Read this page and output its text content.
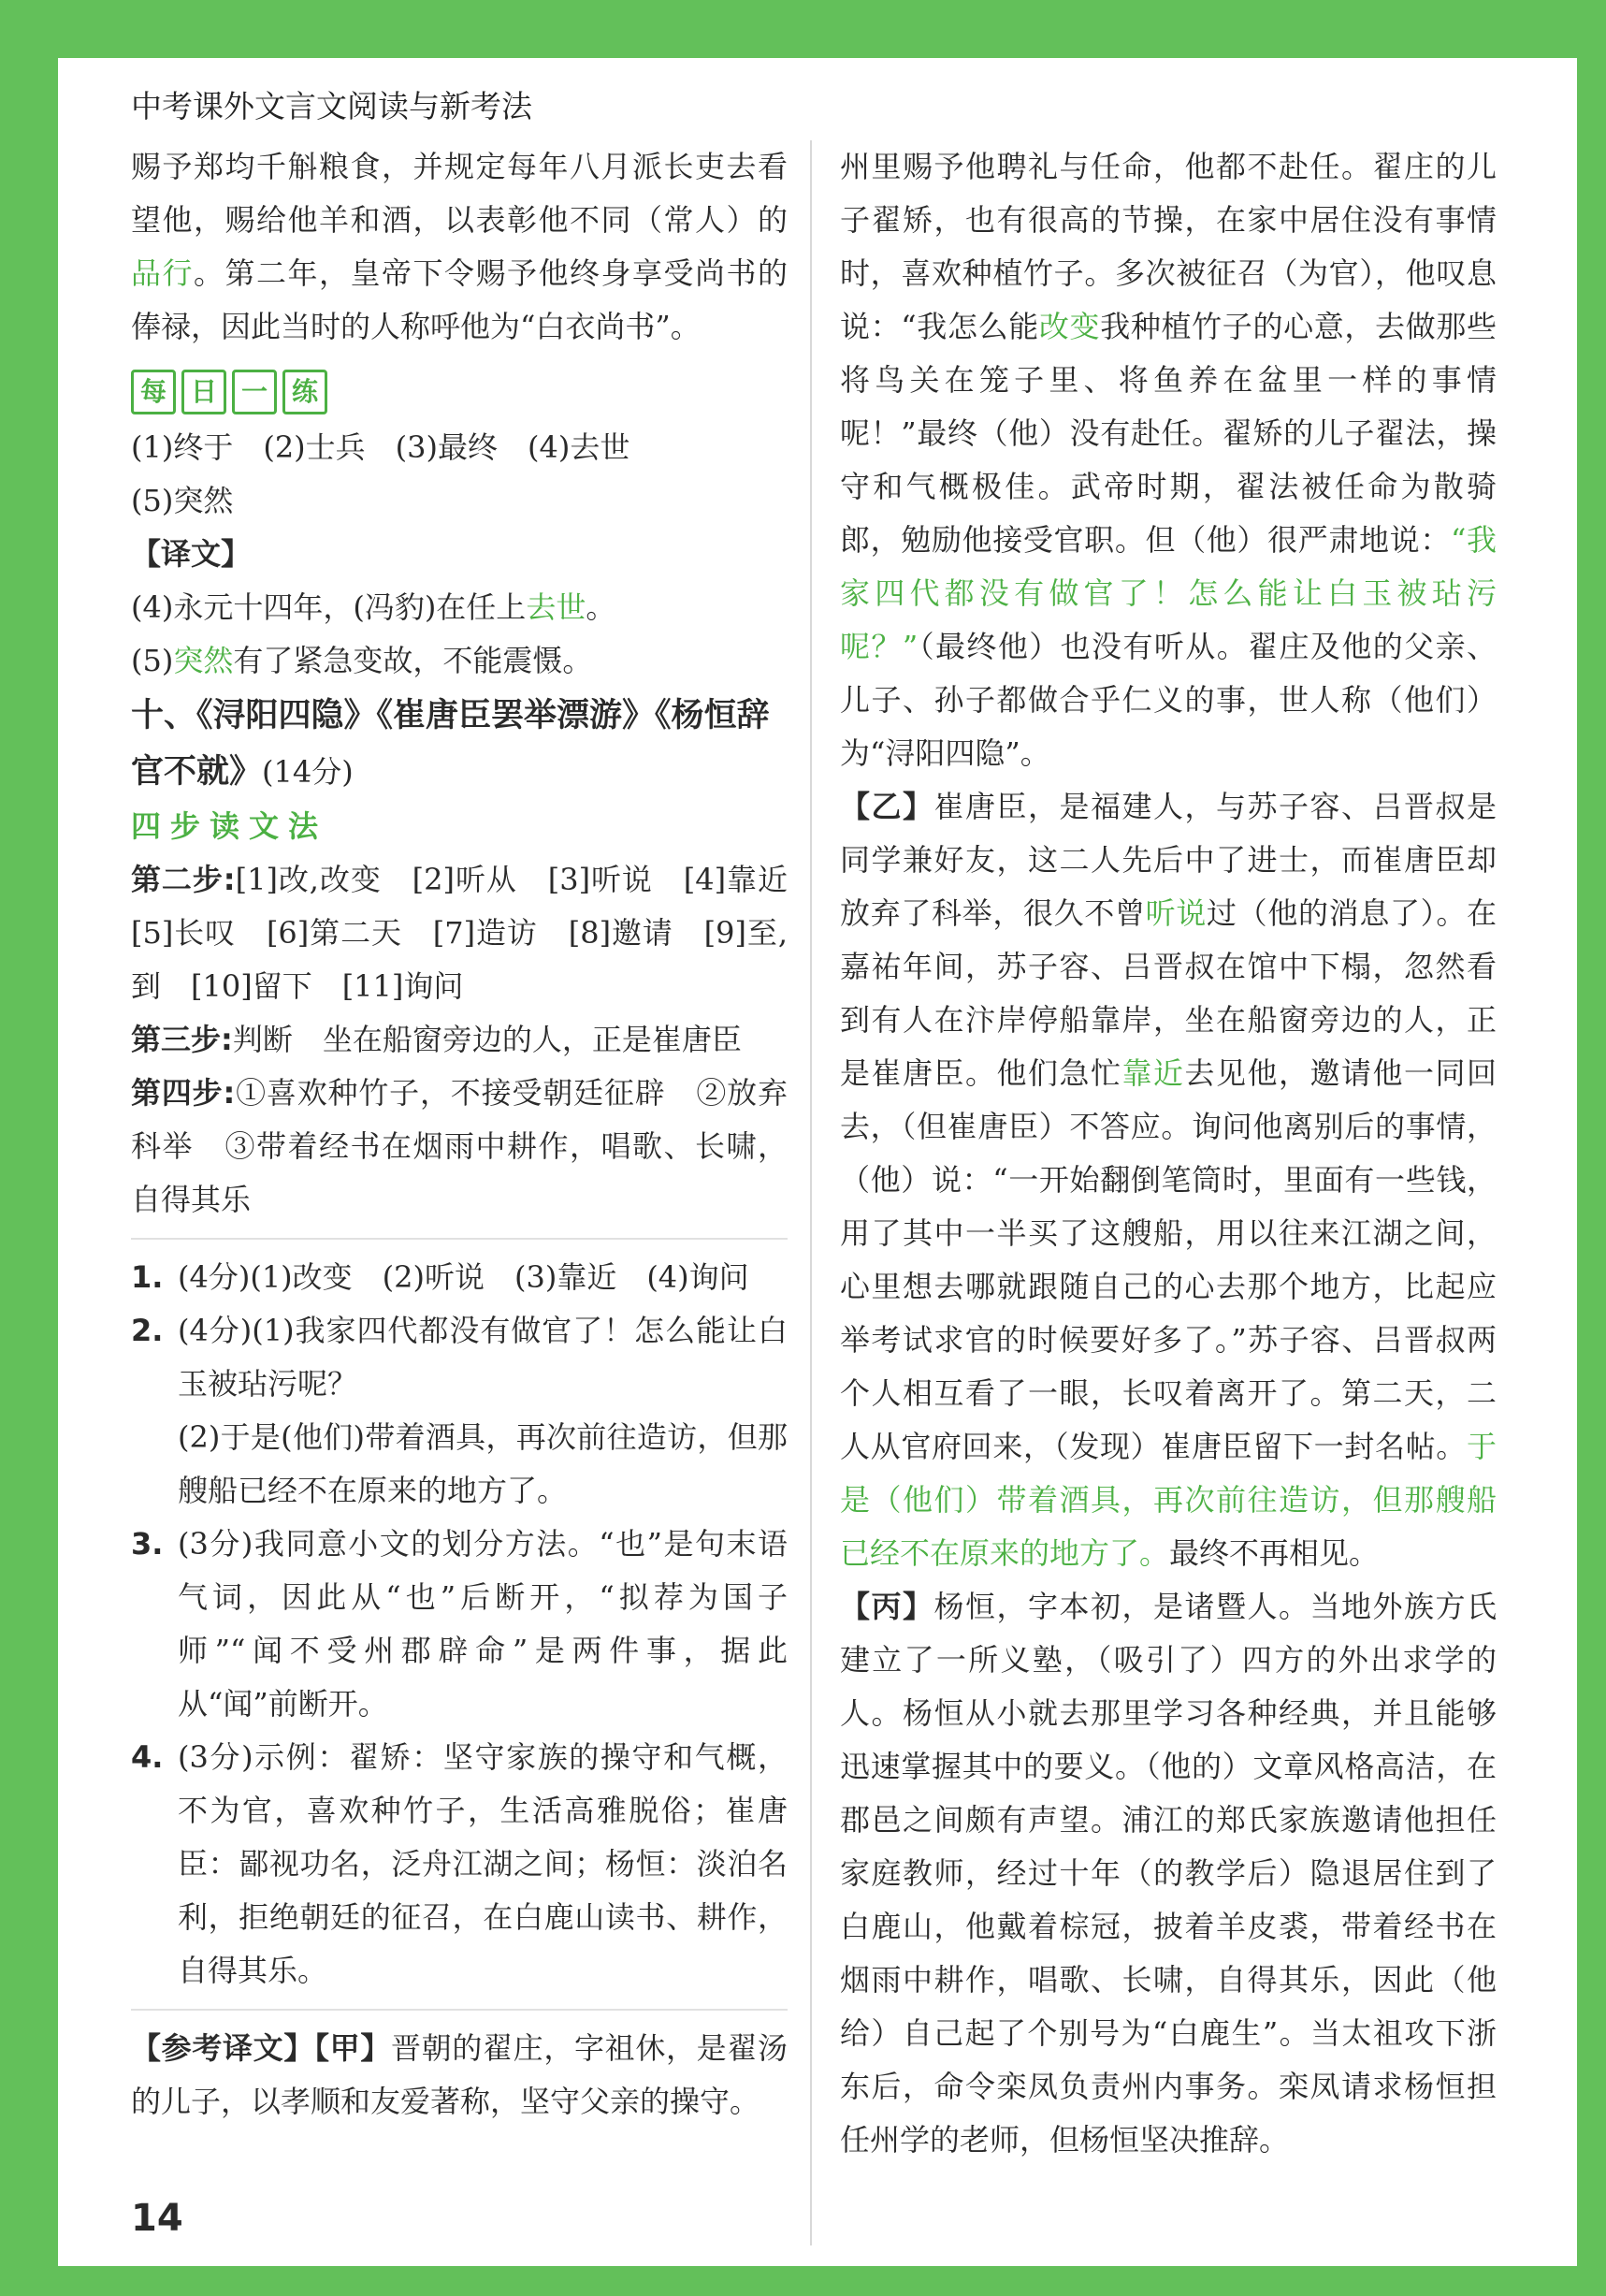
中考课外文言文阅读与新考法

赐予郑均千斛粮食，并规定每年八月派长吏去看望他，赐给他羊和酒，以表彰他不同（常人）的品行。第二年，皇帝下令赐予他终身享受尚书的俸禄，因此当时的人称呼他为“白衣尚书”。

每 日 一 练

(1)终于　(2)士兵　(3)最终　(4)去世

(5)突然

【译文】

(4)永元十四年，(冯豹)在任上去世。

(5)突然有了紧急变故，不能震慑。

十、《浔阳四隐》《崔唐臣罢举漂游》《杨恒辞官不就》(14分)

四步读文法

第二步:[1]改,改变　[2]听从　[3]听说　[4]靠近　[5]长叹　[6]第二天　[7]造访　[8]邀请　[9]至,到　[10]留下　[11]询问

第三步:判断　坐在船窗旁边的人，正是崔唐臣

第四步:①喜欢种竹子，不接受朝廷征辟　②放弃科举　③带着经书在烟雨中耕作，唱歌、长啸，自得其乐

1. (4分)(1)改变　(2)听说　(3)靠近　(4)询问

2. (4分)(1)我家四代都没有做官了！怎么能让白玉被玷污呢？

(2)于是(他们)带着酒具，再次前往造访，但那艘船已经不在原来的地方了。

3. (3分)我同意小文的划分方法。“也”是句末语气词，因此从“也”后断开，“拟荐为国子师”“闻不受州郡辟命”是两件事，据此从“闻”前断开。

4. (3分)示例：翟矫：坚守家族的操守和气概，不为官，喜欢种竹子，生活高雅脱俗；崔唐臣：鄙视功名，泛舟江湖之间；杨恒：淡泊名利，拒绝朝廷的征召，在白鹿山读书、耕作，自得其乐。

【参考译文】【甲】晋朝的翟庄，字祖休，是翟汤的儿子，以孝顺和友爱著称，坚守父亲的操守。

州里赐予他聘礼与任命，他都不赴任。翟庄的儿子翟矫，也有很高的节操，在家中居住没有事情时，喜欢种植竹子。多次被征召（为官），他叹息说：“我怎么能改变我种植竹子的心意，去做那些将鸟关在笼子里、将鱼养在盆里一样的事情呢！”最终（他）没有赴任。翟矫的儿子翟法，操守和气概极佳。武帝时期，翟法被任命为散骑郎，勉励他接受官职。但（他）很严肃地说：“我家四代都没有做官了！怎么能让白玉被玷污呢？”（最终他）也没有听从。翟庄及他的父亲、儿子、孙子都做合乎仁义的事，世人称（他们）为“浔阳四隐”。

【乙】崔唐臣，是福建人，与苏子容、吕晋叔是同学兼好友，这二人先后中了进士，而崔唐臣却放弃了科举，很久不曾听说过（他的消息了）。在嘉祐年间，苏子容、吕晋叔在馆中下榻，忽然看到有人在汴岸停船靠岸，坐在船窗旁边的人，正是崔唐臣。他们急忙靠近去见他，邀请他一同回去，（但崔唐臣）不答应。询问他离别后的事情，（他）说：“一开始翻倒笔筒时，里面有一些钱，用了其中一半买了这艘船，用以往来江湖之间，心里想去哪就跟随自己的心去那个地方，比起应举考试求官的时候要好多了。”苏子容、吕晋叔两个人相互看了一眼，长叹着离开了。第二天，二人从官府回来，（发现）崔唐臣留下一封名帖。于是（他们）带着酒具，再次前往造访，但那艘船已经不在原来的地方了。最终不再相见。

【丙】杨恒，字本初，是诸暨人。当地外族方氏建立了一所义塾，（吸引了）四方的外出求学的人。杨恒从小就去那里学习各种经典，并且能够迅速掌握其中的要义。（他的）文章风格高洁，在郡邑之间颇有声望。浦江的郑氏家族邀请他担任家庭教师，经过十年（的教学后）隐退居住到了白鹿山，他戴着棕冠，披着羊皮裘，带着经书在烟雨中耕作，唱歌、长啸，自得其乐，因此（他给）自己起了个别号为“白鹿生”。当太祖攻下浙东后，命令栾凤负责州内事务。栾凤请求杨恒担任州学的老师，但杨恒坚决推辞。

14
